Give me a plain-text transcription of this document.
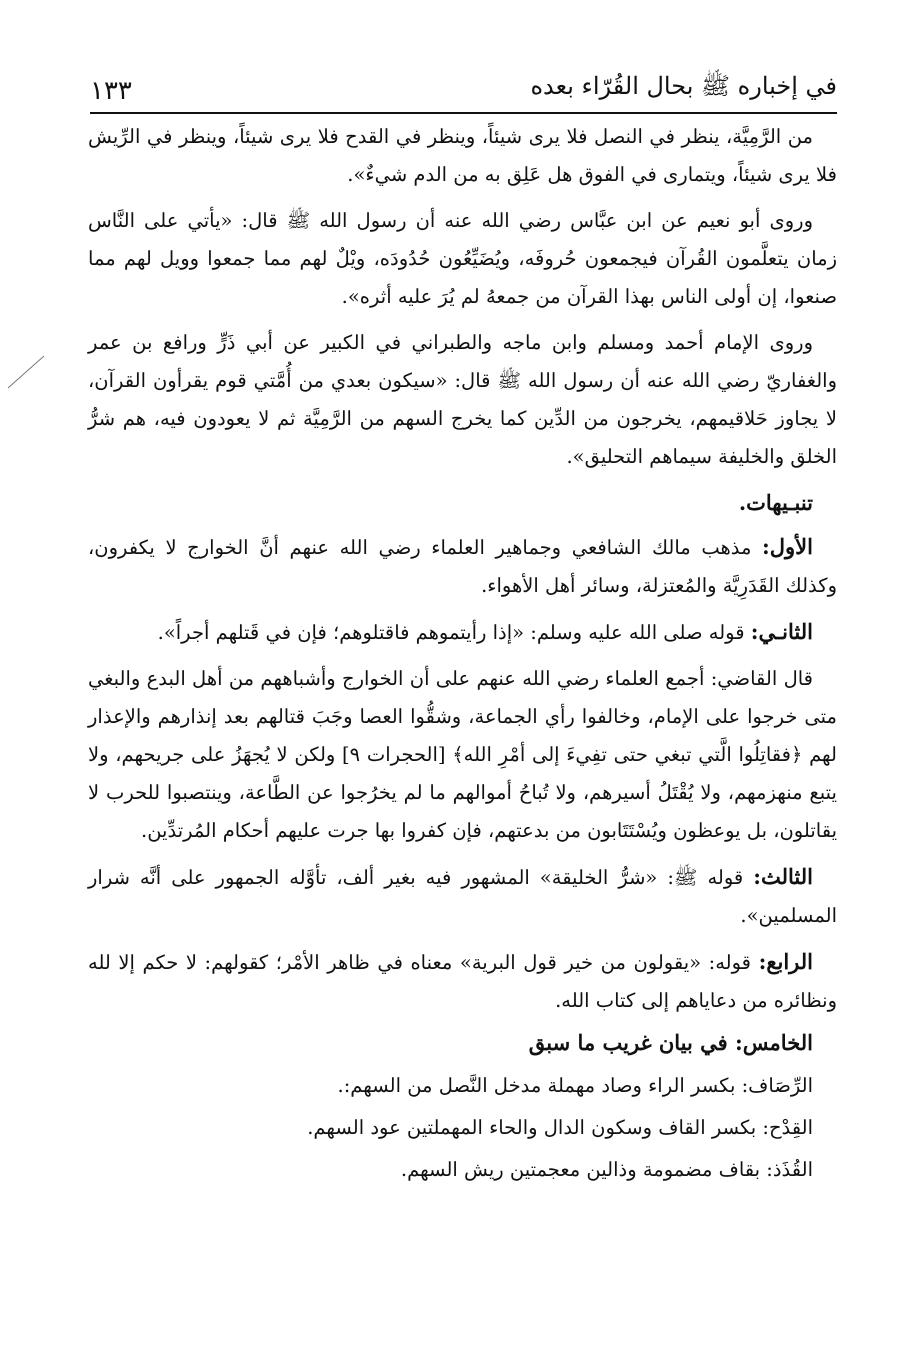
في إخباره ﷺ بحال القُرّاء بعده
١٣٣

من الرَّمِيَّة، ينظر في النصل فلا يرى شيئاً، وينظر في القدح فلا يرى شيئاً، وينظر في الرِّيش فلا يرى شيئاً، ويتمارى في الفوق هل عَلِق به من الدم شيءٌ».

وروى أبو نعيم عن ابن عبَّاس رضي الله عنه أن رسول الله ﷺ قال: «يأتي على النَّاس زمان يتعلَّمون القُرآن فيجمعون حُروفَه، ويُضَيِّعُون حُدُودَه، ويْلٌ لهم مما جمعوا وويل لهم مما صنعوا، إن أولى الناس بهذا القرآن من جمعهُ لم يُرَ عليه أثره».

وروى الإمام أحمد ومسلم وابن ماجه والطبراني في الكبير عن أبي ذَرٍّ ورافع بن عمر والغفاريّ رضي الله عنه أن رسول الله ﷺ قال: «سيكون بعدي من أُمَّتي قوم يقرأون القرآن، لا يجاوز حَلاقيمهم، يخرجون من الدِّين كما يخرج السهم من الرَّمِيَّة ثم لا يعودون فيه، هم شرُّ الخلق والخليفة سيماهم التحليق».

تنبـيهات.

الأول: مذهب مالك الشافعي وجماهير العلماء رضي الله عنهم أنَّ الخوارج لا يكفرون، وكذلك القَدَرِيَّة والمُعتزلة، وسائر أهل الأهواء.

الثانـي: قوله صلى الله عليه وسلم: «إذا رأيتموهم فاقتلوهم؛ فإن في قَتلهم أجراً».

قال القاضي: أجمع العلماء رضي الله عنهم على أن الخوارج وأشباههم من أهل البدع والبغي متى خرجوا على الإمام، وخالفوا رأي الجماعة، وشقُّوا العصا وجَبَ قتالهم بعد إنذارهم والإعذار لهم ﴿فقاتِلُوا الَّتي تبغي حتى تفِيءَ إلى أمْرِ الله﴾ [الحجرات ٩] ولكن لا يُجهَزُ على جريحهم، ولا يتبع منهزمهم، ولا يُقْتَلُ أسيرهم، ولا تُباحُ أموالهم ما لم يخرُجوا عن الطَّاعة، وينتصبوا للحرب لا يقاتلون، بل يوعظون ويُسْتَتَابون من بدعتهم، فإن كفروا بها جرت عليهم أحكام المُرتدِّين.

الثالث: قوله ﷺ: «شرُّ الخليقة» المشهور فيه بغير ألف، تأوَّله الجمهور على أنَّه شرار المسلمين».

الرابع: قوله: «يقولون من خير قول البرية» معناه في ظاهر الأمْر؛ كقولهم: لا حكم إلا لله ونظائره من دعاياهم إلى كتاب الله.

الخامس: في بيان غريب ما سبق

الرِّصَاف: بكسر الراء وصاد مهملة مدخل النَّصل من السهم:.

القِدْح: بكسر القاف وسكون الدال والحاء المهملتين عود السهم.

القُذَذ: بقاف مضمومة وذالين معجمتين ريش السهم.
